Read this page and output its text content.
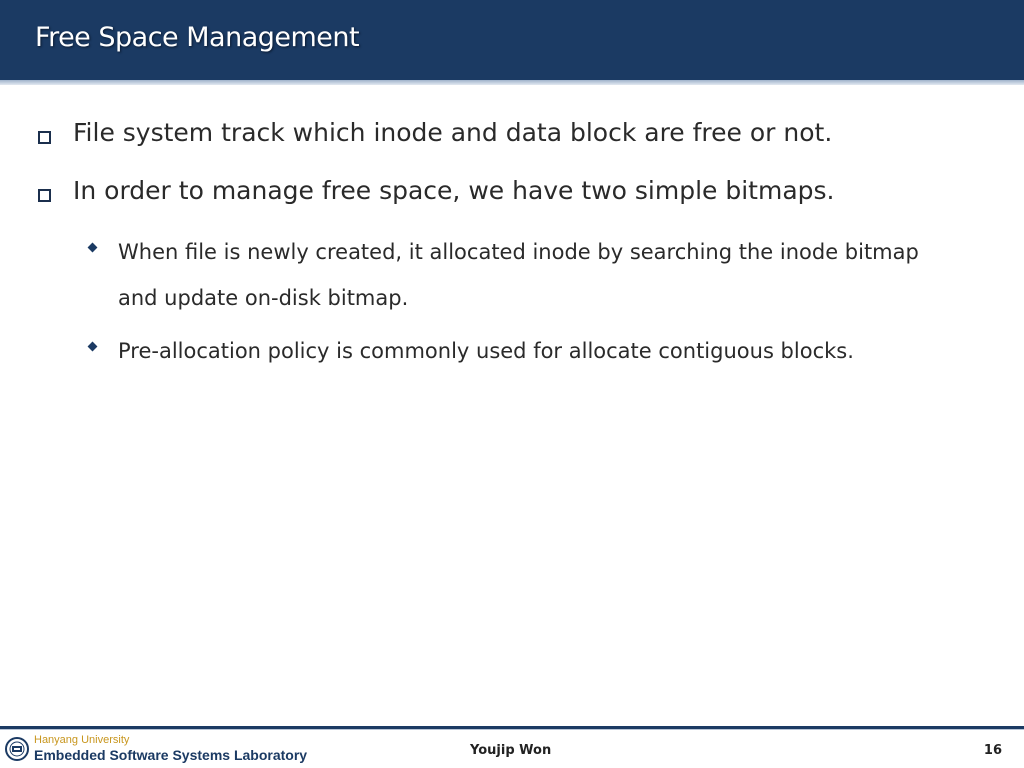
Free Space Management
File system track which inode and data block are free or not.
In order to manage free space, we have two simple bitmaps.
When file is newly created, it allocated inode by searching the inode bitmap and update on-disk bitmap.
Pre-allocation policy is commonly used for allocate contiguous blocks.
Hanyang University
Embedded Software Systems Laboratory	Youjip Won	16
